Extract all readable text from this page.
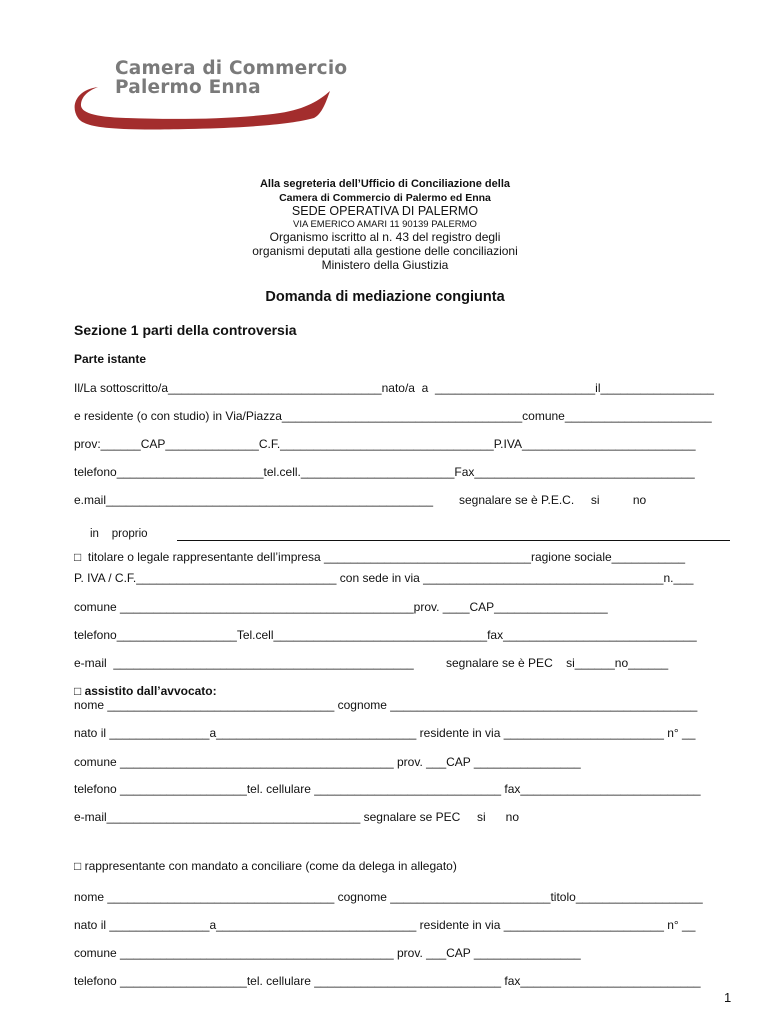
Camera di Commercio
Palermo Enna
Alla segreteria dell’Ufficio di Conciliazione della
Camera di Commercio di Palermo ed Enna
SEDE OPERATIVA DI PALERMO
VIA EMERICO AMARI 11 90139 PALERMO
Organismo iscritto al n. 43 del registro degli
organismi deputati alla gestione delle conciliazioni
Ministero della Giustizia
Domanda di mediazione congiunta
Sezione 1 parti della controversia
Parte istante
Il/La sottoscritto/a________________________________nato/a  a  ________________________il_________________
e residente (o con studio) in Via/Piazza____________________________________comune______________________
prov:______CAP______________C.F.________________________________P.IVA__________________________
telefono______________________tel.cell._______________________Fax_________________________________
e.mail_________________________________________________ segnalare se è P.E.C.     si          no
in    proprio
□  titolare o legale rappresentante dell’impresa _______________________________ragione sociale___________
P. IVA / C.F.______________________________ con sede in via ____________________________________n.___
comune ____________________________________________prov. ____CAP_________________
telefono__________________Tel.cell________________________________fax_____________________________
e-mail  _____________________________________________	segnalare se è PEC    si______no______
□ assistito dall’avvocato:
nome __________________________________ cognome ______________________________________________
nato il _______________a______________________________ residente in via ________________________ n° __
comune _________________________________________ prov. ___CAP ________________
telefono ___________________tel. cellulare ____________________________ fax___________________________
e-mail______________________________________ segnalare se PEC     si      no
□ rappresentante con mandato a conciliare (come da delega in allegato)
nome __________________________________ cognome ________________________titolo___________________
nato il _______________a______________________________ residente in via ________________________ n° __
comune _________________________________________ prov. ___CAP ________________
telefono ___________________tel. cellulare ____________________________ fax___________________________
1
